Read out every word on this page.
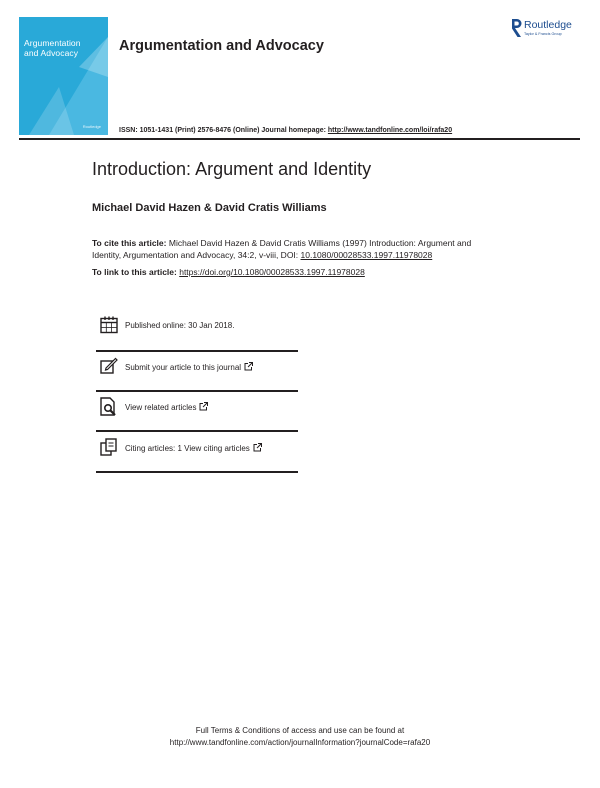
Argumentation
and Advocacy
Routledge
Argumentation and Advocacy
Routledge
Taylor & Francis Group
ISSN: 1051-1431 (Print) 2576-8476 (Online) Journal homepage: http://www.tandfonline.com/loi/rafa20
Introduction: Argument and Identity
Michael David Hazen & David Cratis Williams
To cite this article: Michael David Hazen & David Cratis Williams (1997) Introduction: Argument and Identity, Argumentation and Advocacy, 34:2, v-viii, DOI: 10.1080/00028533.1997.11978028
To link to this article: https://doi.org/10.1080/00028533.1997.11978028
Published online: 30 Jan 2018.
Submit your article to this journal
View related articles
Citing articles: 1 View citing articles
Full Terms & Conditions of access and use can be found at
http://www.tandfonline.com/action/journalInformation?journalCode=rafa20
